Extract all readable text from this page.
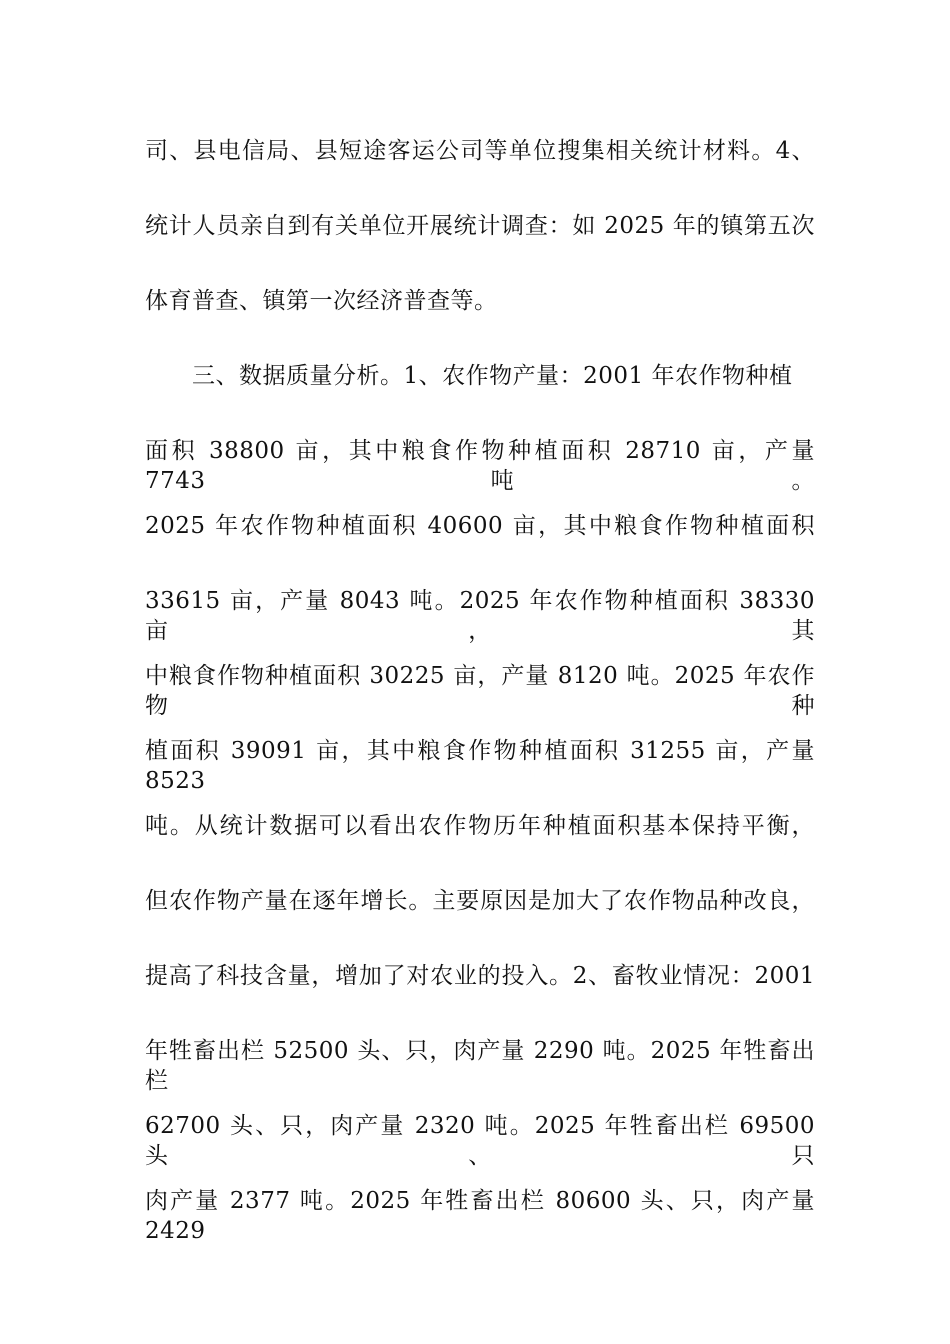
司、县电信局、县短途客运公司等单位搜集相关统计材料。4、
统计人员亲自到有关单位开展统计调查：如 2025 年的镇第五次
体育普查、镇第一次经济普查等。
三、数据质量分析。1、农作物产量：2001 年农作物种植
面积 38800 亩，其中粮食作物种植面积 28710 亩，产量 7743 吨。
2025 年农作物种植面积 40600 亩，其中粮食作物种植面积
33615 亩，产量 8043 吨。2025 年农作物种植面积 38330 亩，其
中粮食作物种植面积 30225 亩，产量 8120 吨。2025 年农作物种
植面积 39091 亩，其中粮食作物种植面积 31255 亩，产量 8523
吨。从统计数据可以看出农作物历年种植面积基本保持平衡，
但农作物产量在逐年增长。主要原因是加大了农作物品种改良，
提高了科技含量，增加了对农业的投入。2、畜牧业情况：2001
年牲畜出栏 52500 头、只，肉产量 2290 吨。2025 年牲畜出栏
62700 头、只，肉产量 2320 吨。2025 年牲畜出栏 69500 头、只
肉产量 2377 吨。2025 年牲畜出栏 80600 头、只，肉产量 2429
